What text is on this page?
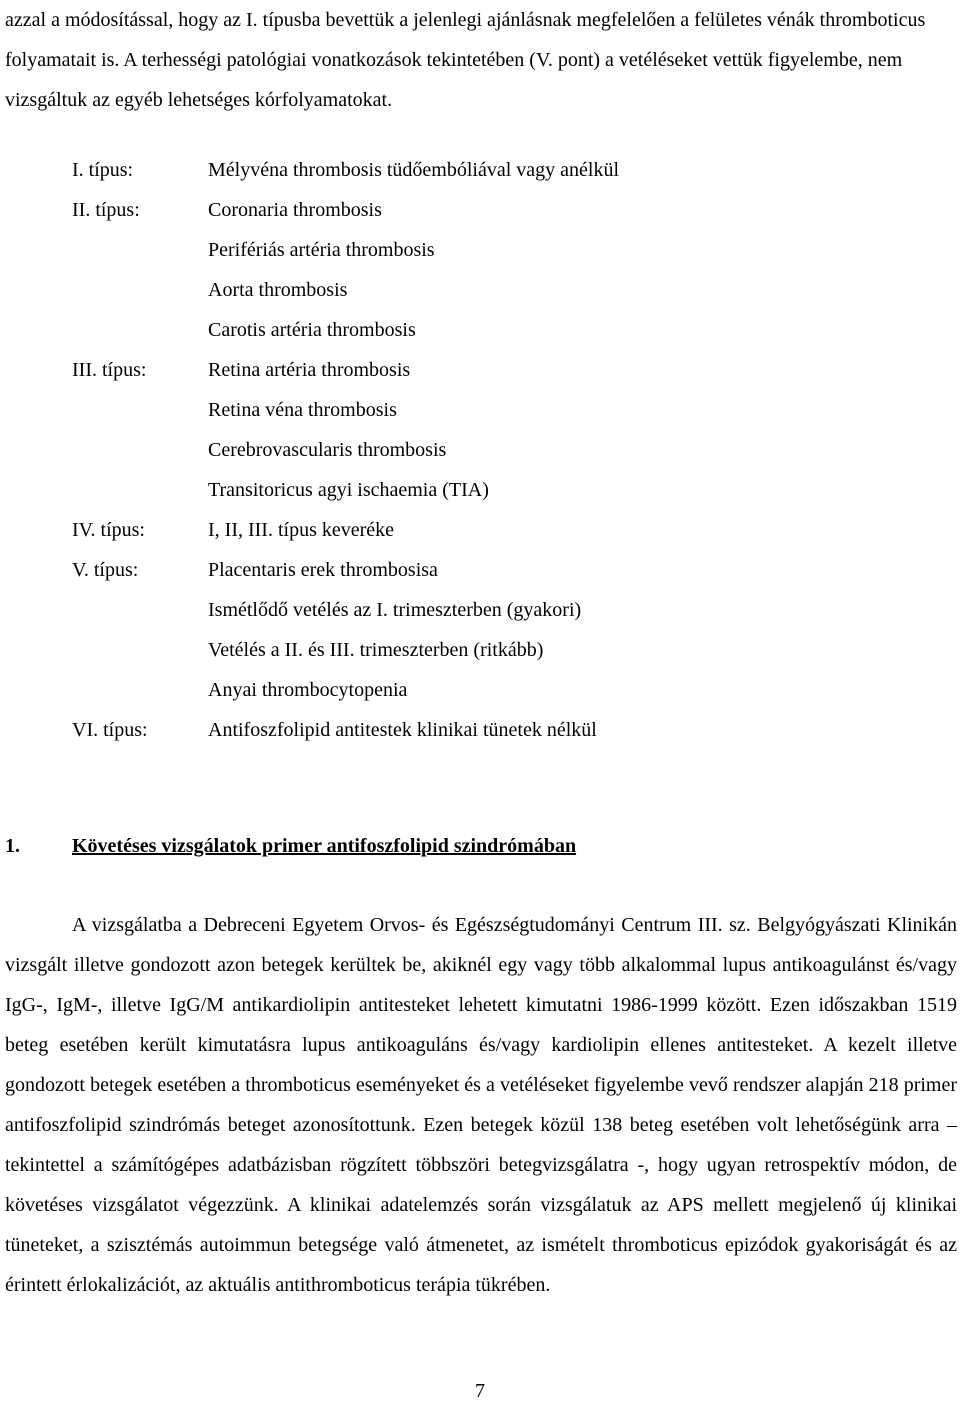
azzal a módosítással, hogy az I. típusba bevettük a jelenlegi ajánlásnak megfelelően a felületes vénák thromboticus folyamatait is. A terhességi patológiai vonatkozások tekintetében (V. pont) a vetéléseket vettük figyelembe, nem vizsgáltuk az egyéb lehetséges kórfolyamatokat.

I. típus:	Mélyvéna thrombosis tüdőembóliával vagy anélkül
II. típus:	Coronaria thrombosis
Perifériás artéria thrombosis
Aorta thrombosis
Carotis artéria thrombosis
III. típus:	Retina artéria thrombosis
Retina véna thrombosis
Cerebrovascularis thrombosis
Transitoricus agyi ischaemia (TIA)
IV. típus:	I, II, III. típus keveréke
V. típus:	Placentaris erek thrombosisa
Ismétlődő vetélés az I. trimeszterben (gyakori)
Vetélés a II. és III. trimeszterben (ritkább)
Anyai thrombocytopenia
VI. típus:	Antifoszfolipid antitestek klinikai tünetek nélkül
1.	Követéses vizsgálatok primer antifoszfolipid szindrómában

A vizsgálatba a Debreceni Egyetem Orvos- és Egészségtudományi Centrum III. sz. Belgyógyászati Klinikán vizsgált illetve gondozott azon betegek kerültek be, akiknél egy vagy több alkalommal lupus antikoagulánst és/vagy IgG-, IgM-, illetve IgG/M antikardiolipin antitesteket lehetett kimutatni 1986-1999 között. Ezen időszakban 1519 beteg esetében került kimutatásra lupus antikoaguláns és/vagy kardiolipin ellenes antitesteket. A kezelt illetve gondozott betegek esetében a thromboticus eseményeket és a vetéléseket figyelembe vevő rendszer alapján 218 primer antifoszfolipid szindrómás beteget azonosítottunk. Ezen betegek közül 138 beteg esetében volt lehetőségünk arra – tekintettel a számítógépes adatbázisban rögzített többszöri betegvizsgálatra -, hogy ugyan retrospektív módon, de követéses vizsgálatot végezzünk. A klinikai adatelemzés során vizsgálatuk az APS mellett megjelenő új klinikai tüneteket, a szisztémás autoimmun betegsége való átmenetet, az ismételt thromboticus epizódok gyakoriságát és az érintett érlokalizációt, az aktuális antithromboticus terápia tükrében.

7
